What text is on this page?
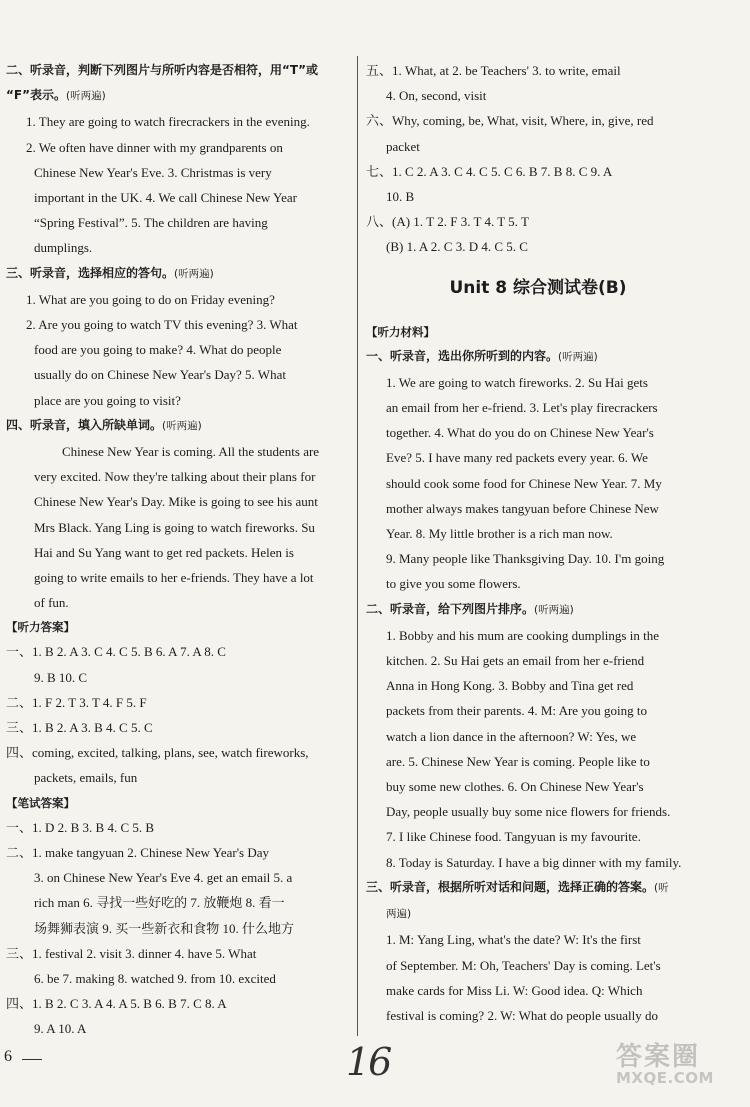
二、听录音，判断下列图片与所听内容是否相符，用“T”或
“F”表示。(听两遍)
1. They are going to watch firecrackers in the evening.
2. We often have dinner with my grandparents on
Chinese New Year's Eve. 3. Christmas is very
important in the UK. 4. We call Chinese New Year
“Spring Festival”. 5. The children are having
dumplings.
三、听录音，选择相应的答句。(听两遍)
1. What are you going to do on Friday evening?
2. Are you going to watch TV this evening? 3. What
food are you going to make? 4. What do people
usually do on Chinese New Year's Day? 5. What
place are you going to visit?
四、听录音，填入所缺单词。(听两遍)
Chinese New Year is coming. All the students are
very excited. Now they're talking about their plans for
Chinese New Year's Day. Mike is going to see his aunt
Mrs Black. Yang Ling is going to watch fireworks. Su
Hai and Su Yang want to get red packets. Helen is
going to write emails to her e-friends. They have a lot
of fun.
【听力答案】
一、1. B 2. A 3. C 4. C 5. B 6. A 7. A 8. C
9. B 10. C
二、1. F 2. T 3. T 4. F 5. F
三、1. B 2. A 3. B 4. C 5. C
四、coming, excited, talking, plans, see, watch fireworks,
packets, emails, fun
【笔试答案】
一、1. D 2. B 3. B 4. C 5. B
二、1. make tangyuan 2. Chinese New Year's Day
3. on Chinese New Year's Eve 4. get an email 5. a
rich man 6. 寻找一些好吃的 7. 放鞭炮 8. 看一
场舞狮表演 9. 买一些新衣和食物 10. 什么地方
三、1. festival 2. visit 3. dinner 4. have 5. What
6. be 7. making 8. watched 9. from 10. excited
四、1. B 2. C 3. A 4. A 5. B 6. B 7. C 8. A
9. A 10. A
五、1. What, at 2. be Teachers' 3. to write, email
4. On, second, visit
六、Why, coming, be, What, visit, Where, in, give, red
packet
七、1. C 2. A 3. C 4. C 5. C 6. B 7. B 8. C 9. A
10. B
八、(A) 1. T 2. F 3. T 4. T 5. T
(B) 1. A 2. C 3. D 4. C 5. C
Unit 8 综合测试卷(B)
【听力材料】
一、听录音，选出你所听到的内容。(听两遍)
1. We are going to watch fireworks. 2. Su Hai gets
an email from her e-friend. 3. Let's play firecrackers
together. 4. What do you do on Chinese New Year's
Eve? 5. I have many red packets every year. 6. We
should cook some food for Chinese New Year. 7. My
mother always makes tangyuan before Chinese New
Year. 8. My little brother is a rich man now.
9. Many people like Thanksgiving Day. 10. I'm going
to give you some flowers.
二、听录音，给下列图片排序。(听两遍)
1. Bobby and his mum are cooking dumplings in the
kitchen. 2. Su Hai gets an email from her e-friend
Anna in Hong Kong. 3. Bobby and Tina get red
packets from their parents. 4. M: Are you going to
watch a lion dance in the afternoon? W: Yes, we
are. 5. Chinese New Year is coming. People like to
buy some new clothes. 6. On Chinese New Year's
Day, people usually buy some nice flowers for friends.
7. I like Chinese food. Tangyuan is my favourite.
8. Today is Saturday. I have a big dinner with my family.
三、听录音，根据所听对话和问题，选择正确的答案。(听
两遍)
1. M: Yang Ling, what's the date? W: It's the first
of September. M: Oh, Teachers' Day is coming. Let's
make cards for Miss Li. W: Good idea. Q: Which
festival is coming? 2. W: What do people usually do
6	16	答案圈
MXQE.COM
